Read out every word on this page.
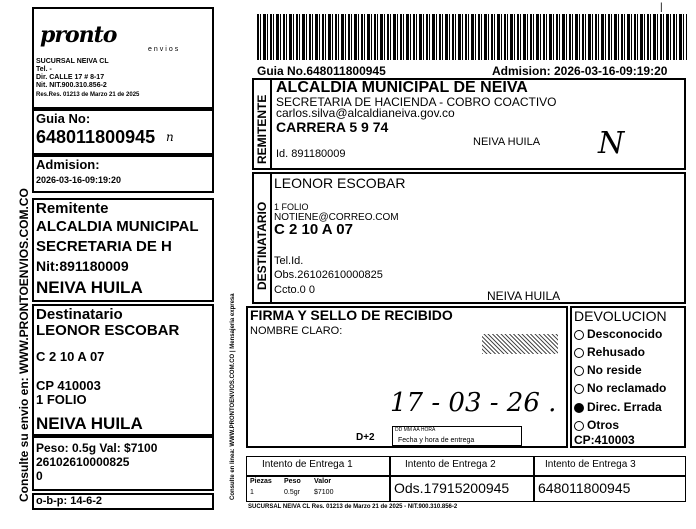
pronto
envios
SUCURSAL NEIVA CL
Tel. -
Dir. CALLE 17 # 8-17
Nit. NIT.900.310.856-2
Res.Res. 01213 de Marzo 21 de 2025
Guia No:
648011800945 n
Admision:
2026-03-16-09:19:20
Remitente
ALCALDIA MUNICIPAL
SECRETARIA DE H
Nit:891180009
NEIVA HUILA
Destinatario
LEONOR ESCOBAR
C 2 10 A 07
CP 410003
1 FOLIO
NEIVA HUILA
Peso: 0.5g Val: $7100
26102610000825
0
o-b-p: 14-6-2
Consulte su envio en: WWW.PRONTOENVIOS.COM.CO	Consulte en linea: WWW.PRONTOENVIOS.COM.CO | Mensajeria expresa
|
Guia No.648011800945	Admision: 2026-03-16-09:19:20
REMITENTE
ALCALDIA MUNICIPAL DE NEIVA
SECRETARIA DE HACIENDA - COBRO COACTIVO
carlos.silva@alcaldianeiva.gov.co
CARRERA 5 9 74
NEIVA HUILA
Id. 891180009	N
DESTINATARIO
LEONOR ESCOBAR
1 FOLIO
NOTIENE@CORREO.COM
C 2 10 A 07
Tel.Id.
Obs.26102610000825
Ccto.0 0	NEIVA HUILA
FIRMA Y SELLO DE RECIBIDO
NOMBRE CLARO:
17 - 03 - 26 .
D+2
DD MM AA HORA
Fecha y hora de entrega
DEVOLUCION
Desconocido
Rehusado
No reside
No reclamado
Direc. Errada
Otros
CP:410003
Intento de Entrega 1	Intento de Entrega 2	Intento de Entrega 3
Piezas Peso Valor
1	0.5gr $7100	Ods.17915200945 648011800945
SUCURSAL NEIVA CL Res. 01213 de Marzo 21 de 2025 - NIT.900.310.856-2
